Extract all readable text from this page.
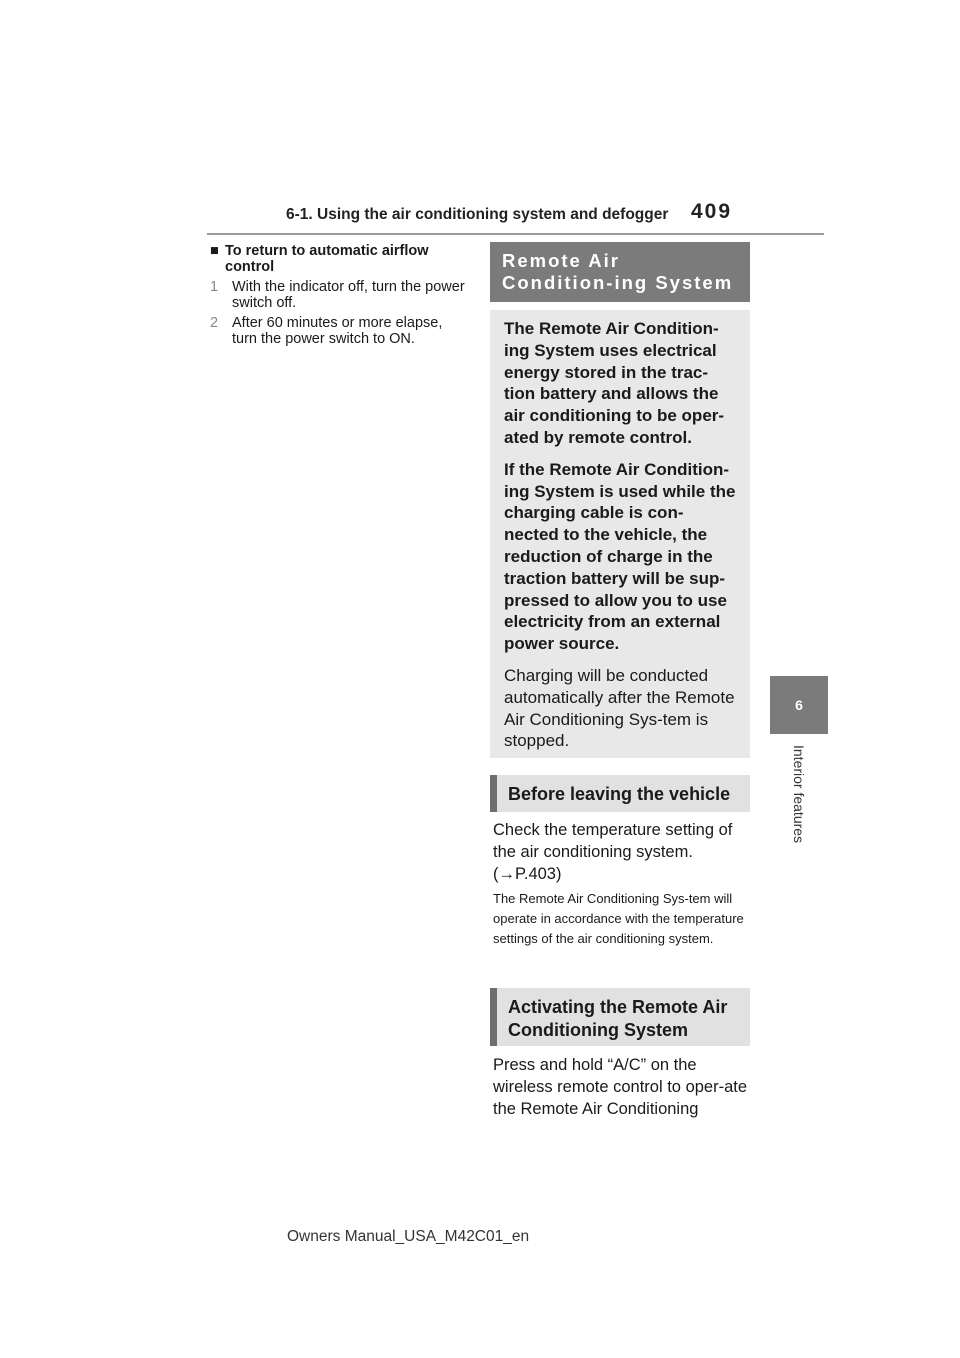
6-1. Using the air conditioning system and defogger 409
6
Interior features
■ To return to automatic airflow control
1 With the indicator off, turn the power switch off.
2 After 60 minutes or more elapse, turn the power switch to ON.
Remote Air Condition-ing System

The Remote Air Condition-ing System uses electrical energy stored in the trac-tion battery and allows the air conditioning to be oper-ated by remote control.

If the Remote Air Condition-ing System is used while the charging cable is con-nected to the vehicle, the reduction of charge in the traction battery will be sup-pressed to allow you to use electricity from an external power source.

Charging will be conducted automatically after the Remote Air Conditioning Sys-tem is stopped.

Before leaving the vehicle
Check the temperature setting of the air conditioning system. (→P.403)
The Remote Air Conditioning Sys-tem will operate in accordance with the temperature settings of the air conditioning system.
Activating the Remote Air Conditioning System
Press and hold “A/C” on the wireless remote control to oper-ate the Remote Air Conditioning
Owners Manual_USA_M42C01_en
